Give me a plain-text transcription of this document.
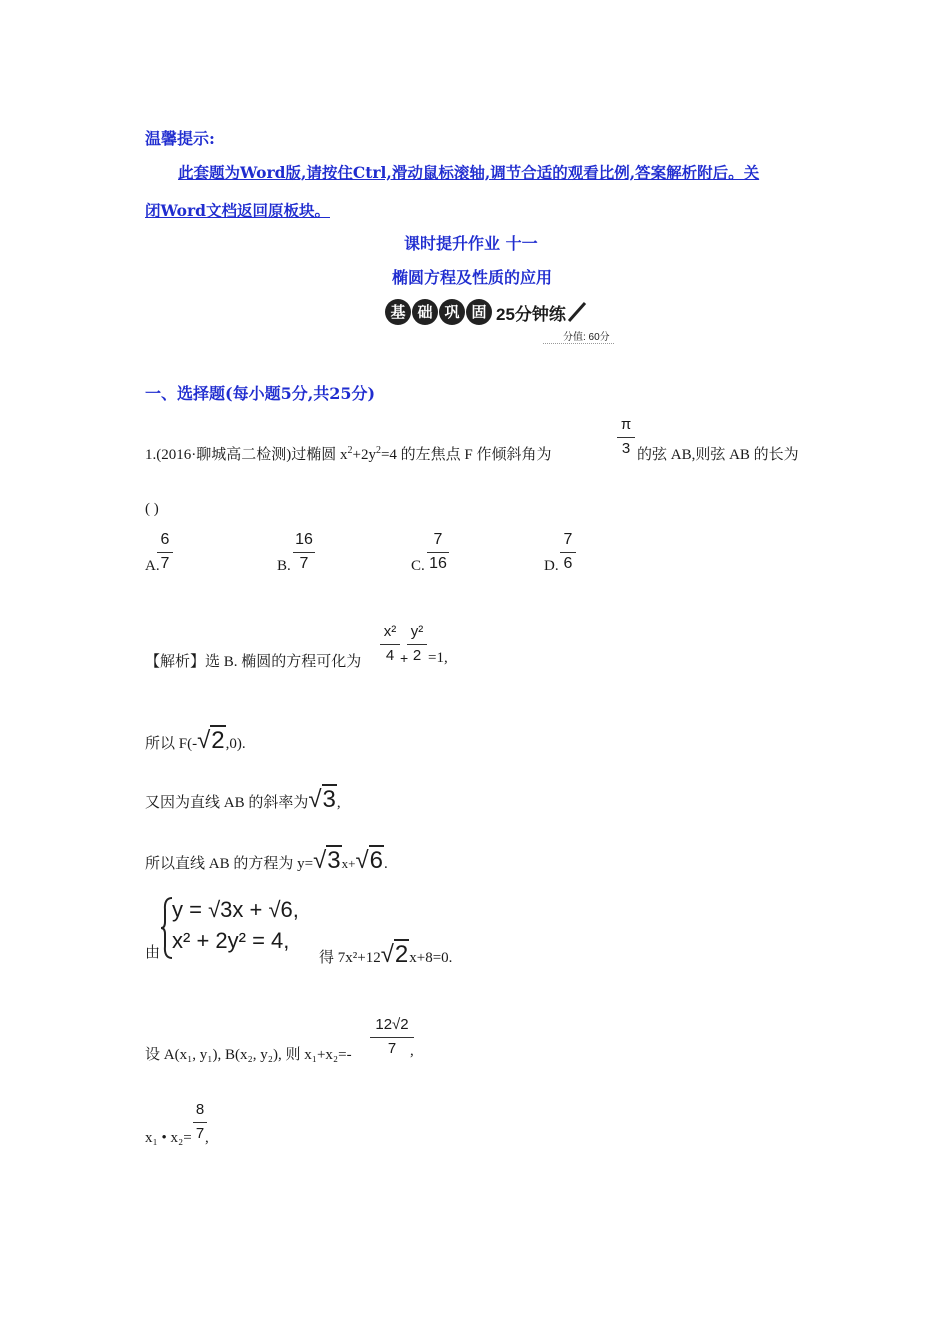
温馨提示:
此套题为Word版,请按住Ctrl,滑动鼠标滚轴,调节合适的观看比例,答案解析附后。关
闭Word文档返回原板块。
课时提升作业 十一
椭圆方程及性质的应用
基 础 巩 固 25分钟练
分值: 60分
一、选择题(每小题5分,共25分)
1.(2016·聊城高二检测)过椭圆 $x^2+2y^2=4$ 的左焦点 F 作倾斜角为
π
3 的弦 AB,则弦 AB 的长为
( )
A.
6
7	B.
16
7	C.
7
16	D.
7
6
【解析】选 B. 椭圆的方程可化为
x²
4 +
y²
2 =1,
所以 F(-√2,0).
又因为直线 AB 的斜率为√3,
所以直线 AB 的方程为 y=√3x+√6.
由
y = √3x + √6,
x² + 2y² = 4,
得 7x²+12√2x+8=0.
设 A(x₁, y₁), B(x₂, y₂), 则 x₁+x₂=-
12√2
7 ,
x₁ • x₂=
8
7 ,
